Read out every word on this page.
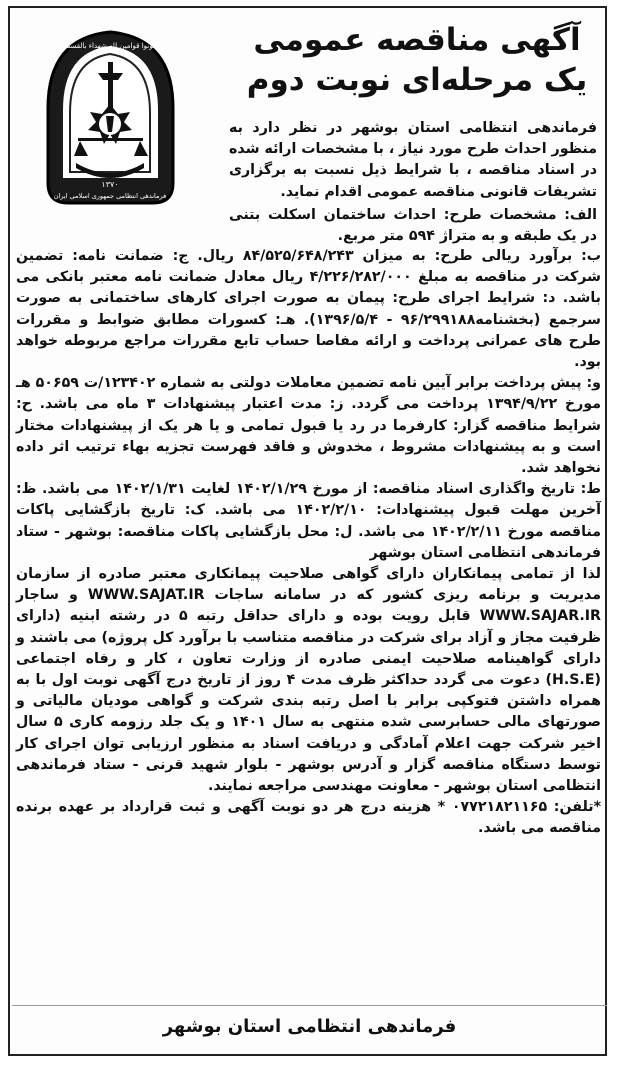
کونوا قوامین لله شهداء بالقسط
۱۳۷۰
فرماندهی انتظامی جمهوری اسلامی ایران
آگهی مناقصه عمومی
یک مرحله‌ای نوبت دوم

فرماندهی انتظامی استان بوشهر در نظر دارد به منظور احداث طرح مورد نیاز ، با مشخصات ارائه شده در اسناد مناقصه ، با شرایط ذیل نسبت به برگزاری تشریفات قانونی مناقصه عمومی اقدام نماید.

الف: مشخصات طرح: احداث ساختمان اسکلت بتنی در یک طبقه و به متراژ ۵۹۴ متر مربع.

ب: برآورد ریالی طرح: به میزان ۸۴/۵۲۵/۶۴۸/۲۴۳ ریال. ج: ضمانت نامه: تضمین شرکت در مناقصه به مبلغ ۴/۲۲۶/۲۸۲/۰۰۰ ریال معادل ضمانت نامه معتبر بانکی می باشد. د: شرایط اجرای طرح: پیمان به صورت اجرای کارهای ساختمانی به صورت سرجمع (بخشنامه۹۶/۲۹۹۱۸۸ - ۱۳۹۶/۵/۴). هـ: کسورات مطابق ضوابط و مقررات طرح های عمرانی پرداخت و ارائه مفاصا حساب تابع مقررات مراجع مربوطه خواهد بود.

و: پیش پرداخت برابر آیین نامه تضمین معاملات دولتی به شماره ۱۲۳۴۰۲/ت ۵۰۶۵۹ هـ مورخ ۱۳۹۴/۹/۲۲ پرداخت می گردد. ز: مدت اعتبار پیشنهادات ۳ ماه می باشد. ح: شرایط مناقصه گزار: کارفرما در رد یا قبول تمامی و یا هر یک از پیشنهادات مختار است و به پیشنهادات مشروط ، مخدوش و فاقد فهرست تجزیه بهاء ترتیب اثر داده نخواهد شد.

ط: تاریخ واگذاری اسناد مناقصه: از مورخ ۱۴۰۲/۱/۲۹ لغایت ۱۴۰۲/۱/۳۱ می باشد. ظ: آخرین مهلت قبول پیشنهادات: ۱۴۰۲/۲/۱۰ می باشد. ک: تاریخ بازگشایی پاکات مناقصه مورخ ۱۴۰۲/۲/۱۱ می باشد. ل: محل بازگشایی پاکات مناقصه: بوشهر - ستاد فرماندهی انتظامی استان بوشهر

لذا از تمامی پیمانکاران دارای گواهی صلاحیت پیمانکاری معتبر صادره از سازمان مدیریت و برنامه ریزی کشور که در سامانه ساجات WWW.SAJAT.IR و ساجار WWW.SAJAR.IR قابل رویت بوده و دارای حداقل رتبه ۵ در رشته ابنیه (دارای ظرفیت مجاز و آزاد برای شرکت در مناقصه متناسب با برآورد کل پروژه) می باشند و دارای گواهینامه صلاحیت ایمنی صادره از وزارت تعاون ، کار و رفاه اجتماعی (H.S.E) دعوت می گردد حداکثر ظرف مدت ۴ روز از تاریخ درج آگهی نوبت اول با به همراه داشتن فتوکپی برابر با اصل رتبه بندی شرکت و گواهی مودیان مالیاتی و صورتهای مالی حسابرسی شده منتهی به سال ۱۴۰۱ و یک جلد رزومه کاری ۵ سال اخیر شرکت جهت اعلام آمادگی و دریافت اسناد به منظور ارزیابی توان اجرای کار توسط دستگاه مناقصه گزار و آدرس بوشهر - بلوار شهید قرنی - ستاد فرماندهی انتظامی استان بوشهر - معاونت مهندسی مراجعه نمایند.

*تلفن: ۰۷۷۲۱۸۲۱۱۶۵ * هزینه درج هر دو نوبت آگهی و ثبت قرارداد بر عهده برنده مناقصه می باشد.

فرماندهی انتظامی استان بوشهر
